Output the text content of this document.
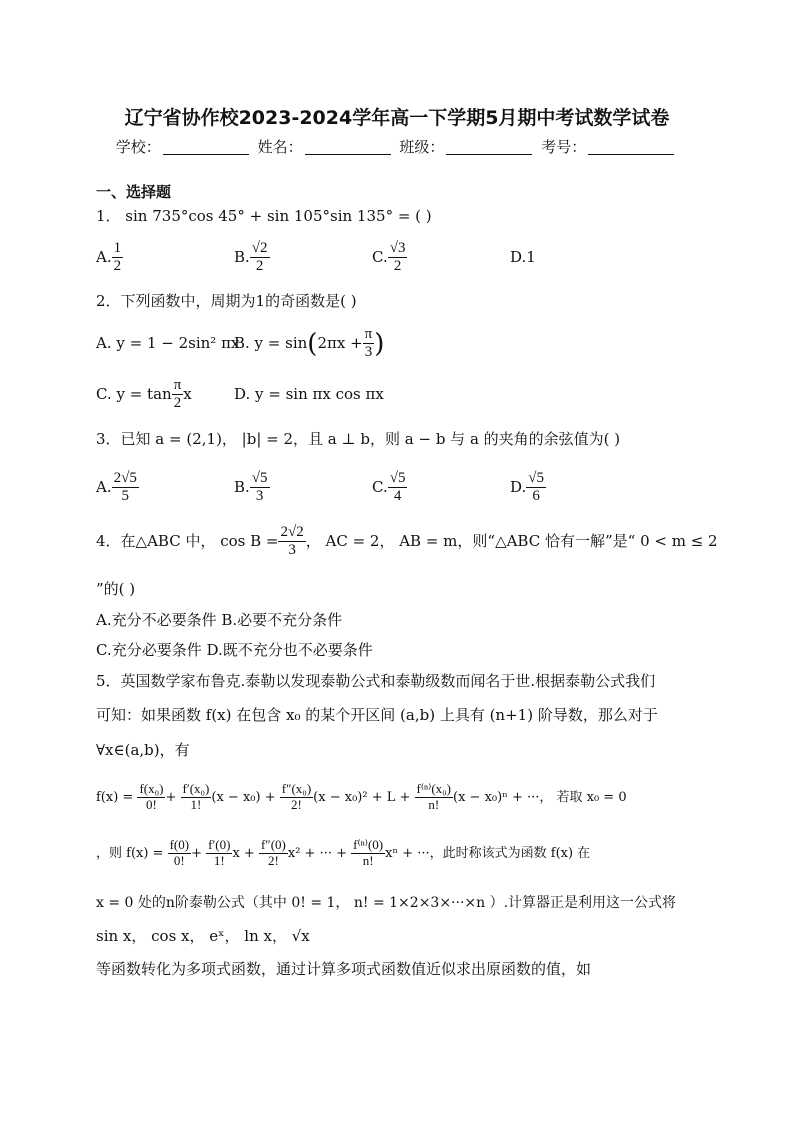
辽宁省协作校2023-2024学年高一下学期5月期中考试数学试卷
学校：	姓名：	班级：	考号：
一、选择题
1． sin 735°cos 45° + sin 105°sin 135° = ( )
A. $\frac{1}{2}$	B. $\frac{√2}{2}$	C. $\frac{√3}{2}$	D.1
2．下列函数中，周期为1的奇函数是( )
A. y = 1 − 2sin² πxB. $y = \sin(2\pi x + \frac{\pi}{3}$ )
C. $y = \tan \frac{\pi}{2}$ x	D. y = sin πx cos πx
3．已知 a = (2,1)， |b| = 2，且 a ⊥ b，则 a − b 与 a 的夹角的余弦值为( )
A. $\frac{2√5}{5}$	B. $\frac{√5}{3}$	C. $\frac{√5}{4}$	D. $\frac{√5}{6}$
4．在△ABC 中， $\cos B = \frac{2√2}{3}$ ， AC = 2， AB = m，则“△ABC 恰有一解”是“ 0 < m ≤ 2
”的( )
A.充分不必要条件 B.必要不充分条件
C.充分必要条件 D.既不充分也不必要条件
5．英国数学家布鲁克.泰勒以发现泰勒公式和泰勒级数而闻名于世.根据泰勒公式我们
可知：如果函数 f(x) 在包含 x₀ 的某个开区间 (a,b) 上具有 (n+1) 阶导数，那么对于
∀x∈(a,b)，有
$f(x) = \frac{\text{f(x₀)}}{0!} + \frac{\text{f′(x₀)}}{1!} (x - x_0) + \frac{\text{f″(x₀)}}{2!} (x - x_0)^2 + L + \frac{\text{f⁽ⁿ⁾(x₀)}}{n!} (x - x_0)^n$ + ···， 若取 x₀ = 0
，则 $f(x) = \frac{f(0)}{0!} + \frac{f'(0)}{1!}$ $x + \frac{f''(0)}{2!} x^2$ + ··· + $\frac{\text{f⁽ⁿ⁾(0)}}{n!}$ xⁿ + ···，此时称该式为函数 f(x) 在
x = 0 处的n阶泰勒公式（其中 0! = 1， n! = 1×2×3×···×n ）.计算器正是利用这一公式将
sin x， cos x， eˣ， ln x， √x
等函数转化为多项式函数，通过计算多项式函数值近似求出原函数的值，如
